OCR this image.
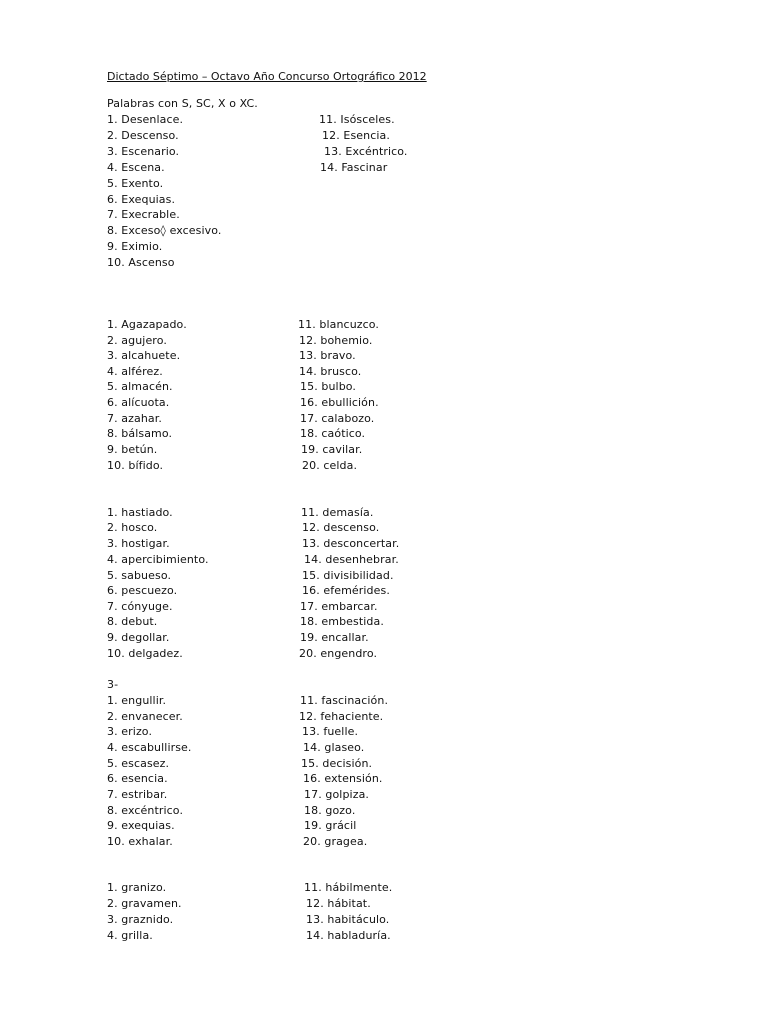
Dictado Séptimo – Octavo Año Concurso Ortográfico 2012
Palabras con S, SC, X o XC.
1. Desenlace.
2. Descenso.
3. Escenario.
4. Escena.
5. Exento.
6. Exequias.
7. Execrable.
8. Exceso◊ excesivo.
9. Eximio.
10. Ascenso
11. Isósceles.
12. Esencia.
13. Excéntrico.
14. Fascinar
1. Agazapado.
2. agujero.
3. alcahuete.
4. alférez.
5. almacén.
6. alícuota.
7. azahar.
8. bálsamo.
9. betún.
10. bífido.
11. blancuzco.
12. bohemio.
13. bravo.
14. brusco.
15. bulbo.
16. ebullición.
17. calabozo.
18. caótico.
19. cavilar.
20. celda.
1. hastiado.
2. hosco.
3. hostigar.
4. apercibimiento.
5. sabueso.
6. pescuezo.
7. cónyuge.
8. debut.
9. degollar.
10. delgadez.
11. demasía.
12. descenso.
13. desconcertar.
14. desenhebrar.
15. divisibilidad.
16. efemérides.
17. embarcar.
18. embestida.
19. encallar.
20. engendro.
3-
1. engullir.
2. envanecer.
3. erizo.
4. escabullirse.
5. escasez.
6. esencia.
7. estribar.
8. excéntrico.
9. exequias.
10. exhalar.
11. fascinación.
12. fehaciente.
13. fuelle.
14. glaseo.
15. decisión.
16. extensión.
17. golpiza.
18. gozo.
19. grácil
20. gragea.
1. granizo.
2. gravamen.
3. graznido.
4. grilla.
11. hábilmente.
12. hábitat.
13. habitáculo.
14. habladuría.
